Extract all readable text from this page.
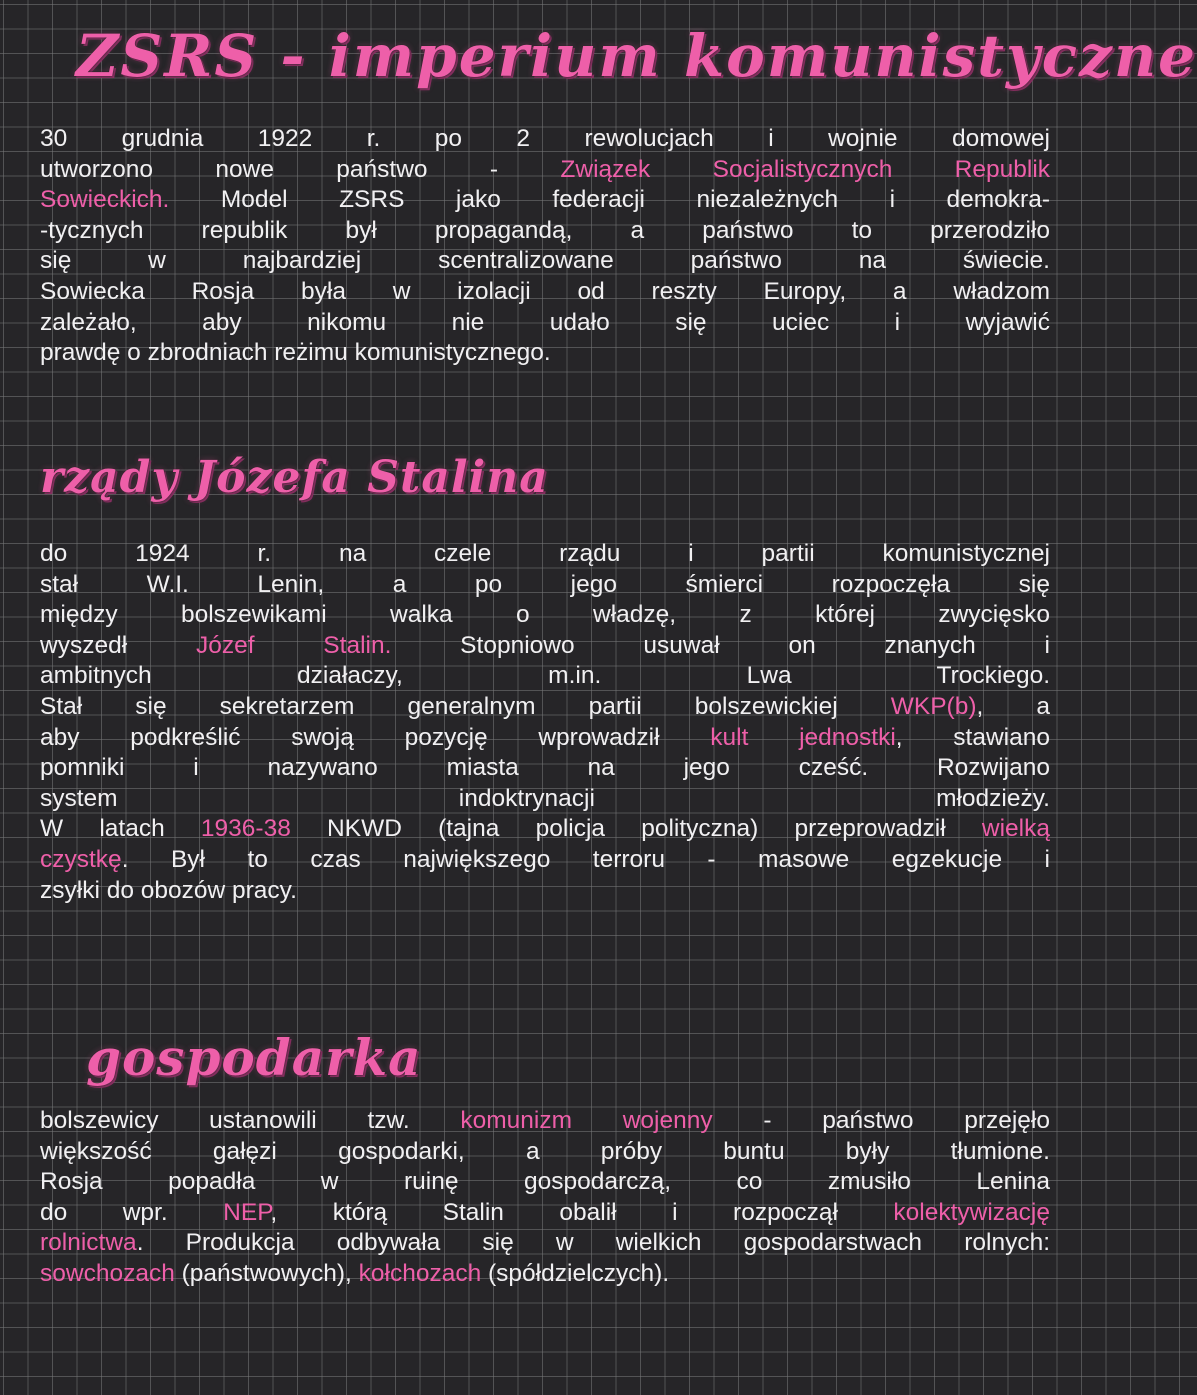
ZSRS - imperium komunistyczne
30 grudnia 1922 r. po 2 rewolucjach i wojnie domowej
utworzono nowe państwo - Związek Socjalistycznych Republik
Sowieckich. Model ZSRS jako federacji niezależnych i demokra-
-tycznych republik był propagandą, a państwo to przerodziło
się w najbardziej scentralizowane państwo na świecie.
Sowiecka Rosja była w izolacji od reszty Europy, a władzom
zależało, aby nikomu nie udało się uciec i wyjawić
prawdę o zbrodniach reżimu komunistycznego.
rządy Józefa Stalina
do 1924 r. na czele rządu i partii komunistycznej
stał W.I. Lenin, a po jego śmierci rozpoczęła się
między bolszewikami walka o władzę, z której zwycięsko
wyszedł Józef Stalin. Stopniowo usuwał on znanych i
ambitnych działaczy, m.in. Lwa Trockiego.
Stał się sekretarzem generalnym partii bolszewickiej WKP(b), a
aby podkreślić swoją pozycję wprowadził kult jednostki, stawiano
pomniki i nazywano miasta na jego cześć. Rozwijano
system indoktrynacji młodzieży.
W latach 1936-38 NKWD (tajna policja polityczna) przeprowadził wielką
czystkę. Był to czas największego terroru - masowe egzekucje i
zsyłki do obozów pracy.
gospodarka
bolszewicy ustanowili tzw. komunizm wojenny - państwo przejęło
większość gałęzi gospodarki, a próby buntu były tłumione.
Rosja popadła w ruinę gospodarczą, co zmusiło Lenina
do wpr. NEP, którą Stalin obalił i rozpoczął kolektywizację
rolnictwa. Produkcja odbywała się w wielkich gospodarstwach rolnych:
sowchozach (państwowych), kołchozach (spółdzielczych).
